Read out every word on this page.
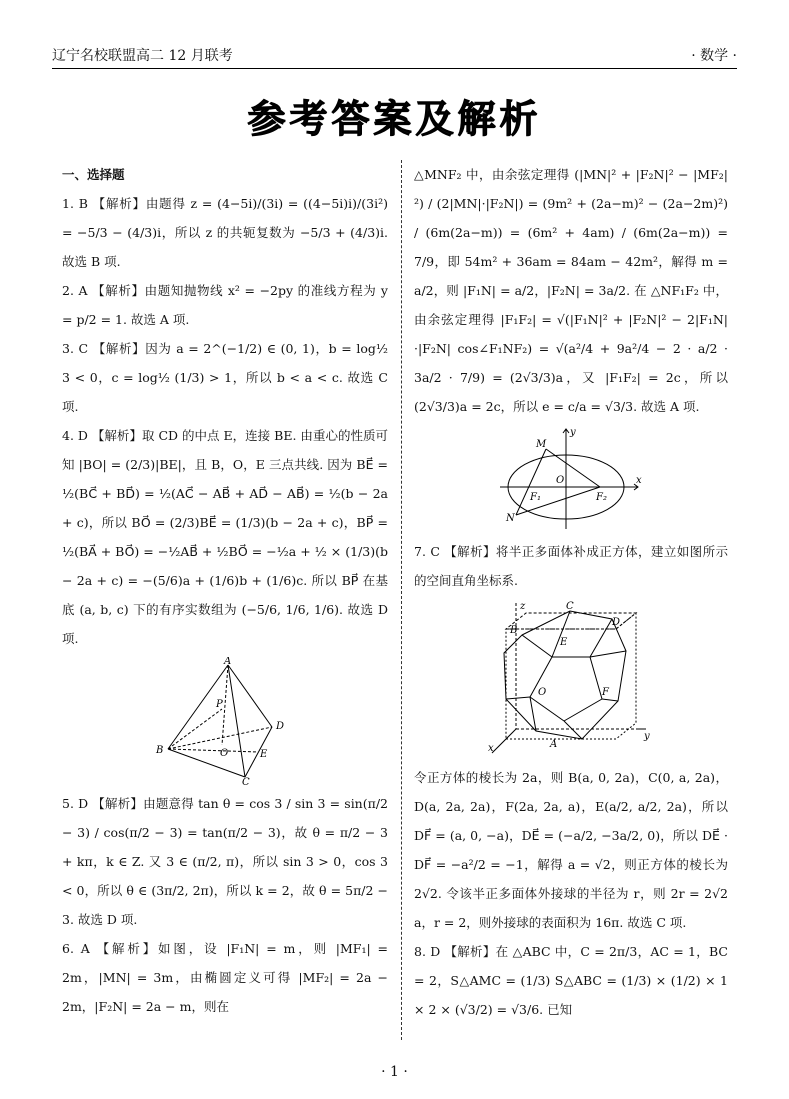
辽宁名校联盟高二 12 月联考	· 数学 ·
参考答案及解析
一、选择题
1. B 【解析】由题得 z = (4−5i)/(3i) = ((4−5i)i)/(3i²) = −5/3 − (4/3)i，所以 z 的共轭复数为 −5/3 + (4/3)i. 故选 B 项.
2. A 【解析】由题知抛物线 x² = −2py 的准线方程为 y = p/2 = 1. 故选 A 项.
3. C 【解析】因为 a = 2^(−1/2) ∈ (0, 1)，b = log½ 3 < 0，c = log½ (1/3) > 1，所以 b < a < c. 故选 C 项.
4. D 【解析】取 CD 的中点 E，连接 BE. 由重心的性质可知 |BO| = (2/3)|BE|，且 B，O，E 三点共线. 因为 BE⃗ = ½(BC⃗ + BD⃗) = ½(AC⃗ − AB⃗ + AD⃗ − AB⃗) = ½(b − 2a + c)，所以 BO⃗ = (2/3)BE⃗ = (1/3)(b − 2a + c)，BP⃗ = ½(BA⃗ + BO⃗) = −½AB⃗ + ½BO⃗ = −½a + ½ × (1/3)(b − 2a + c) = −(5/6)a + (1/6)b + (1/6)c. 所以 BP⃗ 在基底 (a, b, c) 下的有序实数组为 (−5/6, 1/6, 1/6). 故选 D 项.
A
P
B	O	E
C
D
5. D 【解析】由题意得 tan θ = cos 3 / sin 3 = sin(π/2 − 3) / cos(π/2 − 3) = tan(π/2 − 3)，故 θ = π/2 − 3 + kπ，k ∈ Z. 又 3 ∈ (π/2, π)，所以 sin 3 > 0，cos 3 < 0，所以 θ ∈ (3π/2, 2π)，所以 k = 2，故 θ = 5π/2 − 3. 故选 D 项.
6. A 【解析】如图，设 |F₁N| = m，则 |MF₁| = 2m，|MN| = 3m，由椭圆定义可得 |MF₂| = 2a − 2m，|F₂N| = 2a − m，则在
△MNF₂ 中，由余弦定理得 (|MN|² + |F₂N|² − |MF₂|²) / (2|MN|·|F₂N|) = (9m² + (2a−m)² − (2a−2m)²) / (6m(2a−m)) = (6m² + 4am) / (6m(2a−m)) = 7/9，即 54m² + 36am = 84am − 42m²，解得 m = a/2，则 |F₁N| = a/2，|F₂N| = 3a/2. 在 △NF₁F₂ 中，由余弦定理得 |F₁F₂| = √(|F₁N|² + |F₂N|² − 2|F₁N|·|F₂N| cos∠F₁NF₂) = √(a²/4 + 9a²/4 − 2 · a/2 · 3a/2 · 7/9) = (2√3/3)a，又 |F₁F₂| = 2c，所以 (2√3/3)a = 2c，所以 e = c/a = √3/3. 故选 A 项.
y
M
O
F₁	F₂
x
N
7. C 【解析】将半正多面体补成正方体，建立如图所示的空间直角坐标系.
z
B
C
D
E
F
O
A
x
y
令正方体的棱长为 2a，则 B(a, 0, 2a)，C(0, a, 2a)，D(a, 2a, 2a)，F(2a, 2a, a)，E(a/2, a/2, 2a)，所以 DF⃗ = (a, 0, −a)，DE⃗ = (−a/2, −3a/2, 0)，所以 DE⃗ · DF⃗ = −a²/2 = −1，解得 a = √2，则正方体的棱长为 2√2. 令该半正多面体外接球的半径为 r，则 2r = 2√2 a，r = 2，则外接球的表面积为 16π. 故选 C 项.
8. D 【解析】在 △ABC 中，C = 2π/3，AC = 1，BC = 2，S△AMC = (1/3) S△ABC = (1/3) × (1/2) × 1 × 2 × (√3/2) = √3/6. 已知
· 1 ·
